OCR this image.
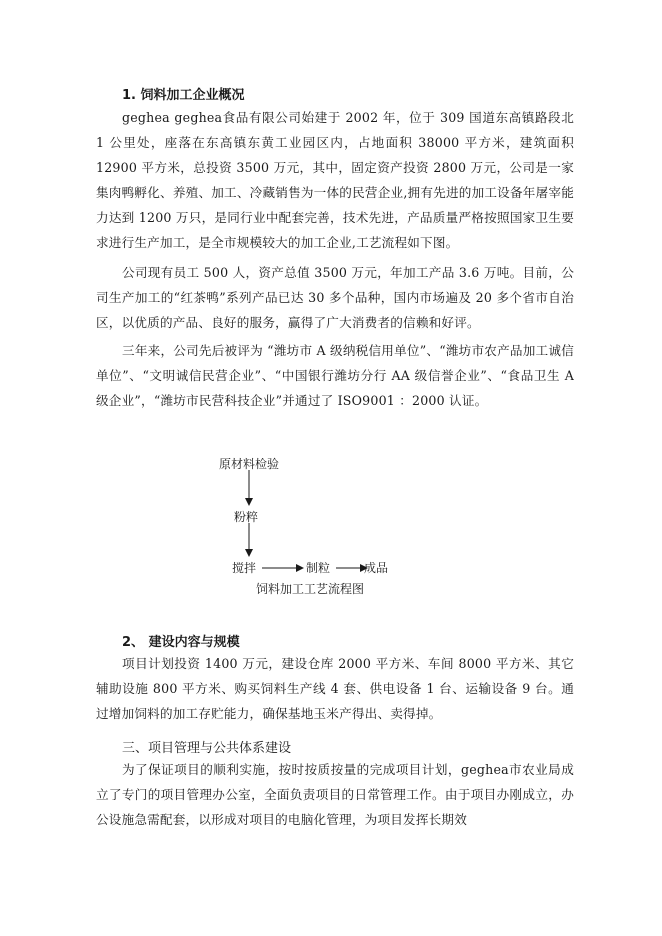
1. 饲料加工企业概况
geghea geghea食品有限公司始建于 2002 年，位于 309 国道东高镇路段北 1 公里处，座落在东高镇东黄工业园区内，占地面积 38000 平方米，建筑面积 12900 平方米，总投资 3500 万元，其中，固定资产投资 2800 万元，公司是一家集肉鸭孵化、养殖、加工、冷藏销售为一体的民营企业,拥有先进的加工设备年屠宰能力达到 1200 万只，是同行业中配套完善，技术先进，产品质量严格按照国家卫生要求进行生产加工，是全市规模较大的加工企业,工艺流程如下图。
公司现有员工 500 人，资产总值 3500 万元，年加工产品 3.6 万吨。目前，公司生产加工的“红茶鸭”系列产品已达 30 多个品种，国内市场遍及 20 多个省市自治区，以优质的产品、良好的服务，赢得了广大消费者的信赖和好评。
三年来，公司先后被评为 “潍坊市 A 级纳税信用单位”、“潍坊市农产品加工诚信单位”、“文明诚信民营企业”、“中国银行潍坊分行 AA 级信誉企业”、“食品卫生 A 级企业”，“潍坊市民营科技企业”并通过了 ISO9001 ：2000 认证。
原材料检验
粉粹
搅拌	制粒	成品
饲料加工工艺流程图
2、 建设内容与规模
项目计划投资 1400 万元，建设仓库 2000 平方米、车间 8000 平方米、其它辅助设施 800 平方米、购买饲料生产线 4 套、供电设备 1 台、运输设备 9 台。通过增加饲料的加工存贮能力，确保基地玉米产得出、卖得掉。
三、项目管理与公共体系建设
为了保证项目的顺利实施，按时按质按量的完成项目计划，geghea市农业局成立了专门的项目管理办公室，全面负责项目的日常管理工作。由于项目办刚成立，办公设施急需配套，以形成对项目的电脑化管理，为项目发挥长期效
